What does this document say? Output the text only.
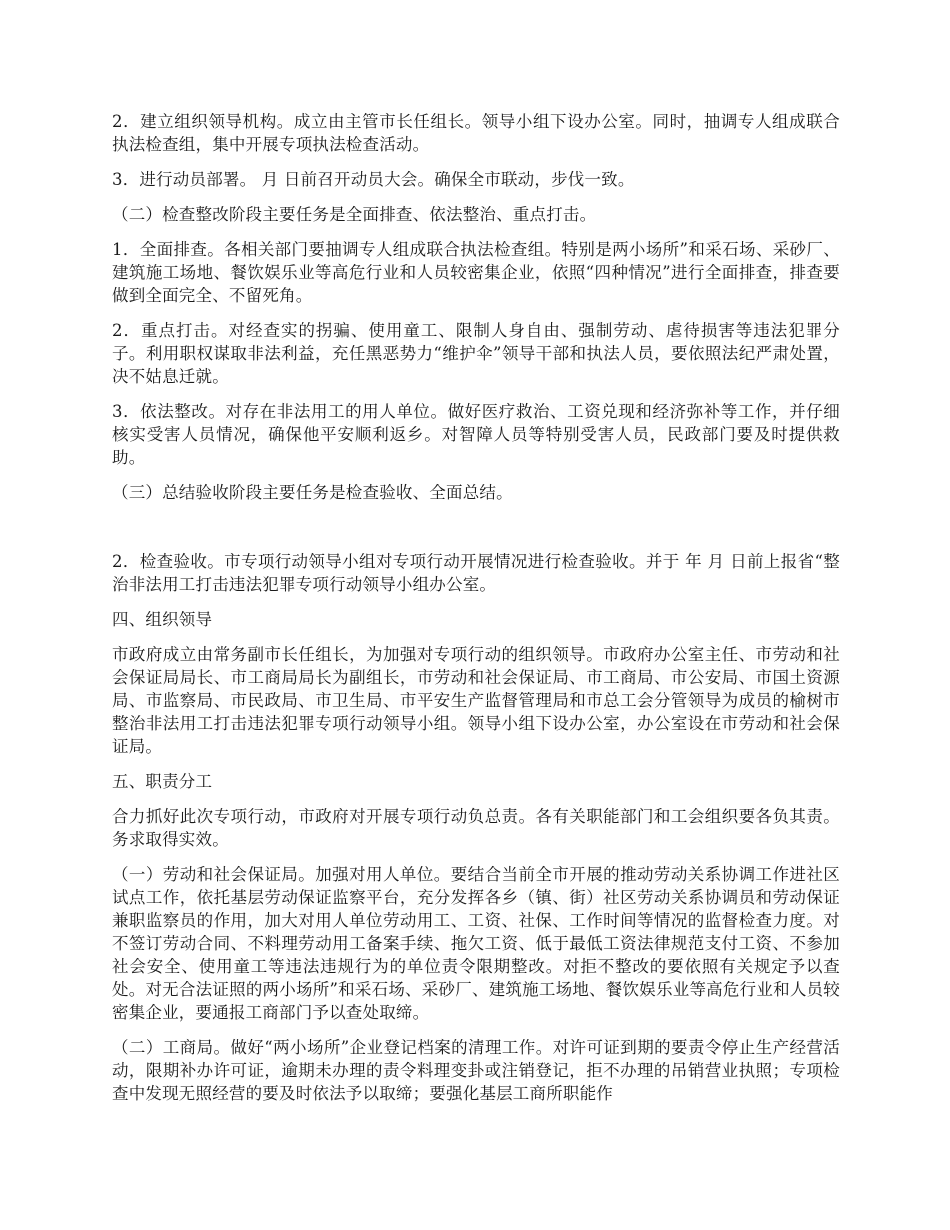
2．建立组织领导机构。成立由主管市长任组长。领导小组下设办公室。同时，抽调专人组成联合执法检查组，集中开展专项执法检查活动。

3．进行动员部署。 月 日前召开动员大会。确保全市联动，步伐一致。

（二）检查整改阶段主要任务是全面排查、依法整治、重点打击。

1．全面排查。各相关部门要抽调专人组成联合执法检查组。特别是两小场所”和采石场、采砂厂、建筑施工场地、餐饮娱乐业等高危行业和人员较密集企业，依照“四种情况”进行全面排查，排查要做到全面完全、不留死角。

2．重点打击。对经查实的拐骗、使用童工、限制人身自由、强制劳动、虐待损害等违法犯罪分子。利用职权谋取非法利益，充任黑恶势力“维护伞”领导干部和执法人员，要依照法纪严肃处置，决不姑息迁就。

3．依法整改。对存在非法用工的用人单位。做好医疗救治、工资兑现和经济弥补等工作，并仔细核实受害人员情况，确保他平安顺利返乡。对智障人员等特别受害人员，民政部门要及时提供救助。

（三）总结验收阶段主要任务是检查验收、全面总结。

2．检查验收。市专项行动领导小组对专项行动开展情况进行检查验收。并于 年 月 日前上报省“整治非法用工打击违法犯罪专项行动领导小组办公室。

四、组织领导

市政府成立由常务副市长任组长，为加强对专项行动的组织领导。市政府办公室主任、市劳动和社会保证局局长、市工商局局长为副组长，市劳动和社会保证局、市工商局、市公安局、市国土资源局、市监察局、市民政局、市卫生局、市平安生产监督管理局和市总工会分管领导为成员的榆树市整治非法用工打击违法犯罪专项行动领导小组。领导小组下设办公室，办公室设在市劳动和社会保证局。

五、职责分工

合力抓好此次专项行动，市政府对开展专项行动负总责。各有关职能部门和工会组织要各负其责。务求取得实效。

（一）劳动和社会保证局。加强对用人单位。要结合当前全市开展的推动劳动关系协调工作进社区试点工作，依托基层劳动保证监察平台，充分发挥各乡（镇、街）社区劳动关系协调员和劳动保证兼职监察员的作用，加大对用人单位劳动用工、工资、社保、工作时间等情况的监督检查力度。对不签订劳动合同、不料理劳动用工备案手续、拖欠工资、低于最低工资法律规范支付工资、不参加社会安全、使用童工等违法违规行为的单位责令限期整改。对拒不整改的要依照有关规定予以查处。对无合法证照的两小场所”和采石场、采砂厂、建筑施工场地、餐饮娱乐业等高危行业和人员较密集企业，要通报工商部门予以查处取缔。

（二）工商局。做好“两小场所”企业登记档案的清理工作。对许可证到期的要责令停止生产经营活动，限期补办许可证，逾期未办理的责令料理变卦或注销登记，拒不办理的吊销营业执照；专项检查中发现无照经营的要及时依法予以取缔；要强化基层工商所职能作
